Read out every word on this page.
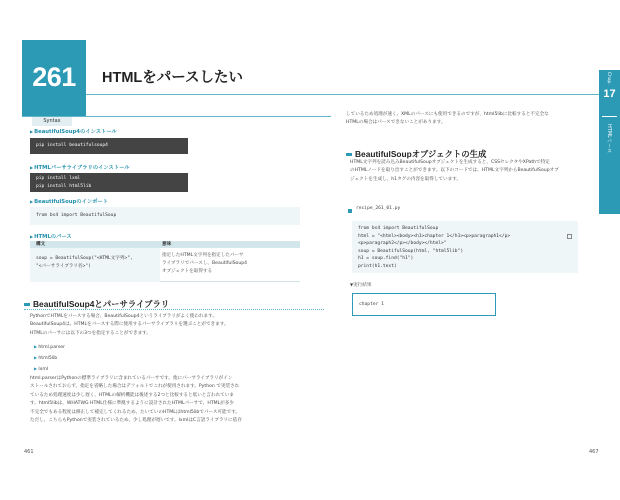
261	HTMLをパースしたい
Syntax
▶BeautifulSoup4のインストール
pip install beautifulsoup4
▶HTMLパーサライブラリのインストール
pip install lxml
pip install html5lib
▶BeautifulSoupのインポート
from bs4 import BeautifulSoup
▶HTMLのパース
構文	意味
soup = BeautifulSoup("<HTML文字列>",
"<パーサライブラリ名>")
指定したHTML文字列を指定したパーサ
ライブラリでパースし、BeautifulSoup4
オブジェクトを取得する
BeautifulSoup4とパーサライブラリ
PythonでHTMLをパースする場合、BeautifulSoup4というライブラリがよく使われます。
BeautifulSoup4は、HTMLをパースする際に使用するパーサライブラリを選ぶことができます。
HTMLのパーサには以下の3つを指定することができます。
▶ html.parser
▶ html5lib
▶ lxml
html.parserはPythonの標準ライブラリに含まれているパーサです。他にパーサライブラリがイン
ストールされておらず、指定を省略した場合はデフォルトでこれが使用されます。Python で実装され
ているため処理速度は少し遅く、HTMLの解析機能は後述する2つと比較すると低いと言われていま
す。html5libは、WHATWG HTML仕様に準拠するように設計されたHTMLパーサで、HTMLが多少
不完全でもある程度は修正して補完してくれるため、たいていのHTMLはhtml5libでパース可能です。
ただし、こちらもPythonで実装されているため、少し処理が遅いです。lxmlはC言語ライブラリに依存
461
しているため処理が速く、XMLのパースにも使用できるのですが、html5libに比較すると不完全な
HTMLの場合はパースできないことがあります。
BeautifulSoupオブジェクトの生成
HTML文字列を読み込みBeautifulSoupオブジェクトを生成すると、CSSセレクタやXPathで特定
のHTMLノードを取り出すことができます。以下のコードでは、HTML文字列からBeautifulSoupオブ
ジェクトを生成し、h1タグの内容を取得しています。
recipe_261_01.py
from bs4 import BeautifulSoup
html = "<html><body><h1>chapter 1</h1><p>paragraph1</p>
<p>paragraph2</p></body></html>"
soup = BeautifulSoup(html, "html5lib")
h1 = soup.find("h1")
print(h1.text)
▼実行結果
chapter 1
467
Chap.
17
HTMLパース
